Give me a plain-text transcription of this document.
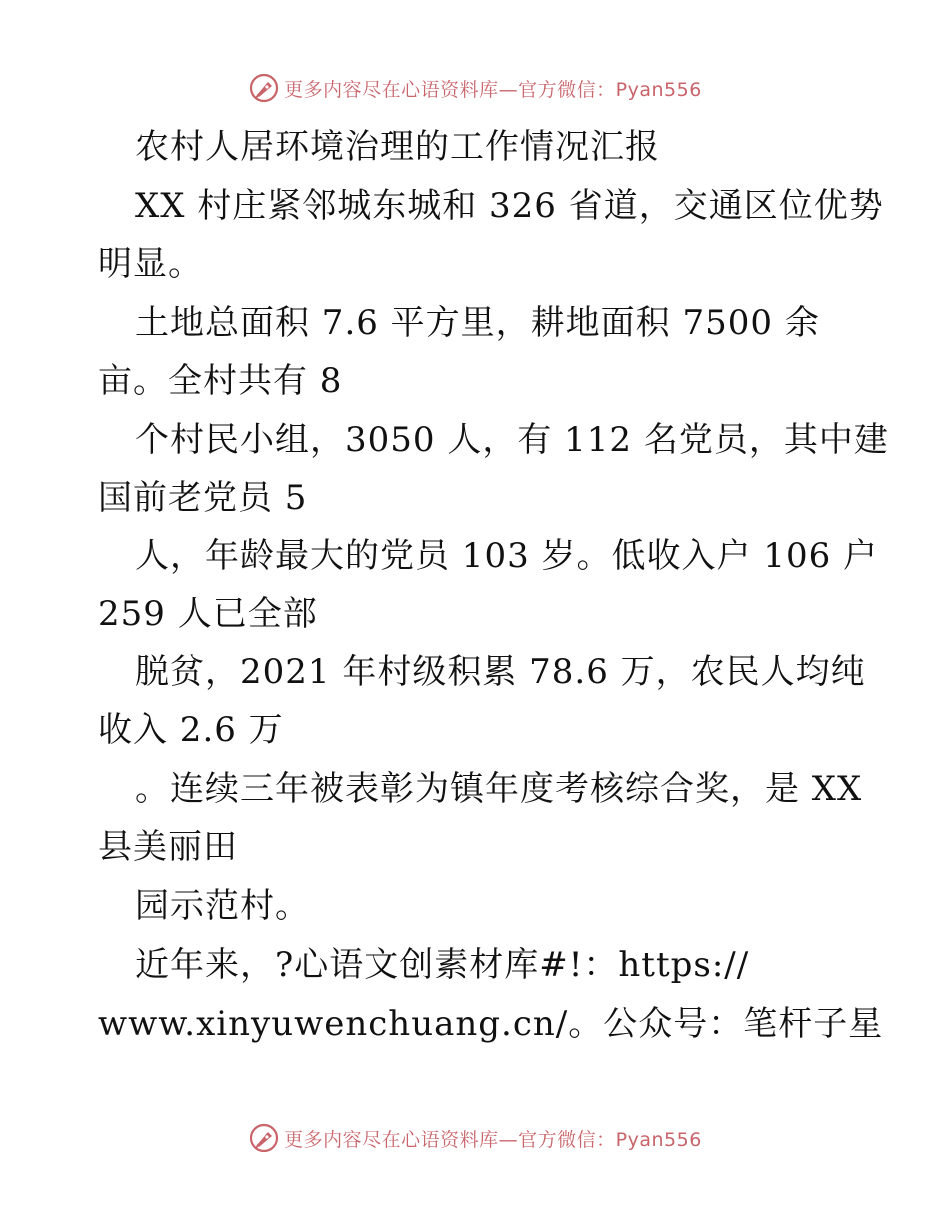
更多内容尽在心语资料库—官方微信：Pyan556
农村人居环境治理的工作情况汇报
XX 村庄紧邻城东城和 326 省道，交通区位优势
明显。
土地总面积 7.6 平方里，耕地面积 7500 余
亩。全村共有 8
个村民小组，3050 人，有 112 名党员，其中建
国前老党员 5
人，年龄最大的党员 103 岁。低收入户 106 户
259 人已全部
脱贫，2021 年村级积累 78.6 万，农民人均纯
收入 2.6 万
。连续三年被表彰为镇年度考核综合奖，是 XX
县美丽田
园示范村。
近年来，?心语文创素材库#!：https://
www.xinyuwenchuang.cn/。公众号：笔杆子星
更多内容尽在心语资料库—官方微信：Pyan556
